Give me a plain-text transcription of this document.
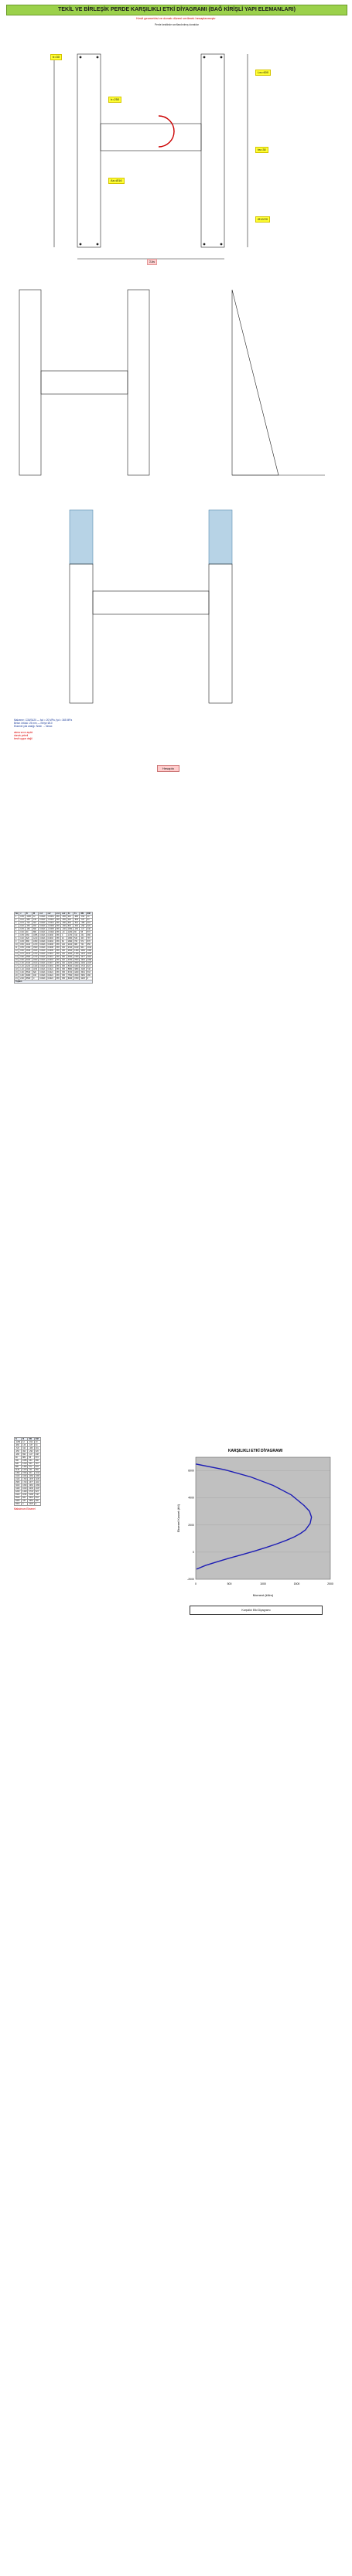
TEKİL VE BİRLEŞİK PERDE KARŞILIKLI ETKİ DİYAGRAMI (BAĞ KİRİŞLİ YAPI ELEMANLARI)
Kesit geometrisi ve donatı düzeni verilerek hesaplanmıştır
Perde kesitinde sınıflandırılmış donatılar
b=30
h=250
Lw=600
tw=30
As=Ø16
Ø12/20
ΣAs
Malzeme: C30/S420 — fcd = 20 MPa, fyd = 365 MPa
Beton örtüsü: 25 mm — Etriye Ø10
Eksenel yük aralığı: Nmin → Nmax
akma sınırı aşıldı
donatı yeterli
kesit uygun değil
Hesapla
No	c	N	M	εs1	εs2	σs1	σs2	Fc	Fs	ΦN	ΦM
1	0.05	-1250	12	0.0021	-0.0031	365	-365	210	-980	-812	10
2	0.10	-980	145	0.0021	-0.0021	365	-365	420	-845	-637	94
3	0.15	-720	310	0.0021	-0.0014	365	-280	630	-610	-468	201
4	0.20	-450	492	0.0021	-0.0009	365	-180	840	-390	-292	320
5	0.25	-180	690	0.0021	-0.0005	365	-100	1050	-150	-117	448
6	0.30	90	880	0.0021	-0.0002	365	-40	1260	80	58	572
7	0.35	360	1055	0.0021	0.0000	365	0	1470	310	234	686
8	0.40	620	1210	0.0021	0.0002	365	40	1680	540	403	787
9	0.45	880	1350	0.0021	0.0004	365	80	1890	760	572	878
10	0.50	1140	1470	0.0021	0.0006	365	120	2100	980	741	956
11	0.55	1390	1560	0.0021	0.0008	365	160	2310	1190	904	1014
12	0.60	1640	1630	0.0021	0.0009	365	180	2520	1390	1066	1060
13	0.70	2120	1700	0.0021	0.0012	365	240	2940	1780	1378	1105
14	0.80	2580	1720	0.0021	0.0014	365	280	3360	2150	1677	1118
15	0.90	3020	1690	0.0021	0.0016	365	320	3780	2500	1963	1099
16	1.00	3440	1610	0.0021	0.0017	365	340	4200	2830	2236	1047
17	1.20	4220	1420	0.0021	0.0019	365	365	5040	3400	2743	923
18	1.40	4920	1150	0.0021	0.0021	365	365	5880	3880	3198	748
19	1.60	5540	820	0.0021	0.0021	365	365	6720	4260	3601	533
20	1.80	6080	430	0.0021	0.0021	365	365	7560	4540	3952	280
21	2.00	6500	0	0.0021	0.0021	365	365	8400	4700	4225	0
Toplam											
N	M	ΦN	ΦM
-1250	12	-812	10
-980	145	-637	94
-720	310	-468	201
-450	492	-292	320
-180	690	-117	448
90	880	58	572
360	1055	234	686
620	1210	403	787
880	1350	572	878
1140	1470	741	956
1390	1560	904	1014
1640	1630	1066	1060
2120	1700	1378	1105
2580	1720	1677	1118
3020	1690	1963	1099
3440	1610	2236	1047
4220	1420	2743	923
4920	1150	3198	748
5540	820	3601	533
6080	430	3952	280
6500	0	4225	0
Maksimum Eksenel
KARŞILIKLI ETKİ DİYAGRAMI
Moment (kNm)
Eksenel Kuvvet (kN)
0	500	1000	1500	2000
-2000
0
2000
4000
6000
Karşılıklı Etki Diyagramı
